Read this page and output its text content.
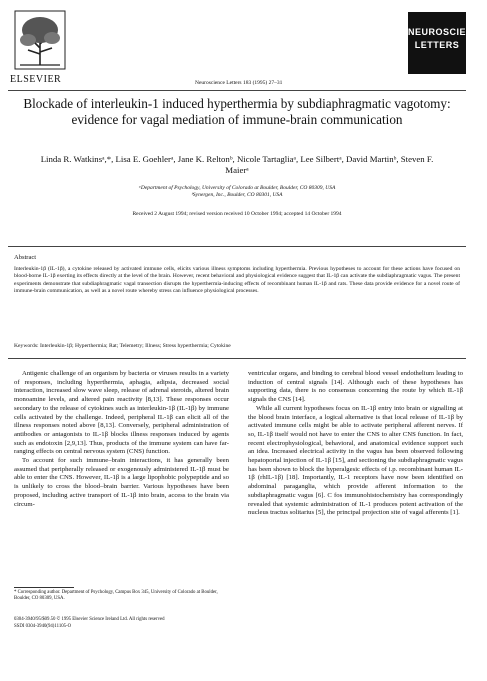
ELSEVIER
NEUROSCIENCE LETTERS
Neuroscience Letters 183 (1995) 27–31
Blockade of interleukin-1 induced hyperthermia by subdiaphragmatic vagotomy: evidence for vagal mediation of immune-brain communication
Linda R. Watkinsᵃ,*, Lisa E. Goehlerᵃ, Jane K. Reltonᵇ, Nicole Tartagliaᵃ, Lee Silbertᵃ, David Martinᵇ, Steven F. Maierᵃ
ᵃDepartment of Psychology, University of Colorado at Boulder, Boulder, CO 80309, USA
ᵇSynergen, Inc., Boulder, CO 80301, USA
Received 2 August 1994; revised version received 10 October 1994; accepted 14 October 1994
Abstract
Interleukin-1β (IL-1β), a cytokine released by activated immune cells, elicits various illness symptoms including hyperthermia. Previous hypotheses to account for these actions have focused on blood-borne IL-1β exerting its effects directly at the level of the brain. However, recent behavioral and physiological evidence suggest that IL-1β can activate the subdiaphragmatic vagus. The present experiments demonstrate that subdiaphragmatic vagal transection disrupts the hyperthermia-inducing effects of recombinant human IL-1β and rats. These data provide evidence for a novel route of immune-brain communication, as well as a novel route whereby stress can influence physiological processes.
Keywords: Interleukin-1β; Hyperthermia; Rat; Telemetry; Illness; Stress hyperthermia; Cytokine

Antigenic challenge of an organism by bacteria or viruses results in a variety of responses, including hyperthermia, aphagia, adipsia, decreased social interaction, increased slow wave sleep, release of adrenal steroids, altered brain monoamine levels, and altered pain reactivity [8,13]. These responses occur secondary to the release of cytokines such as interleukin-1β (IL-1β) by immune cells activated by the challenge. Indeed, peripheral IL-1β can elicit all of the illness responses noted above [8,13]. Conversely, peripheral administration of antibodies or antagonists to IL-1β blocks illness responses induced by agents such as endotoxin [2,9,13]. Thus, products of the immune system can have far-ranging effects on central nervous system (CNS) function.

To account for such immune–brain interactions, it has generally been assumed that peripherally released or exogenously administered IL-1β must be able to enter the CNS. However, IL-1β is a large lipophobic polypeptide and so is unlikely to cross the blood–brain barrier. Various hypotheses have been proposed, including active transport of IL-1β into brain, access to the brain via circum-

* Corresponding author. Department of Psychology, Campus Box 345, University of Colorado at Boulder, Boulder, CO 80309, USA.
0304-3940/95/$09.50 © 1995 Elsevier Science Ireland Ltd. All rights reserved
SSDI 0304-3940(94)11105-O

ventricular organs, and binding to cerebral blood vessel endothelium leading to induction of central signals [14]. Although each of these hypotheses has supporting data, there is no consensus concerning the route by which IL-1β signals the CNS [14].

While all current hypotheses focus on IL-1β entry into brain or signalling at the blood brain interface, a logical alternative is that local release of IL-1β by activated immune cells might be able to activate peripheral afferent nerves. If so, IL-1β itself would not have to enter the CNS to alter CNS function. In fact, recent electrophysiological, behavioral, and anatomical evidence support such an idea. Increased electrical activity in the vagus has been observed following hepatoportal injection of IL-1β [15], and sectioning the subdiaphragmatic vagus has been shown to block the hyperalgesic effects of i.p. recombinant human IL-1β (rhIL-1β) [18]. Importantly, IL-1 receptors have now been identified on abdominal paraganglia, which provide afferent information to the subdiaphragmatic vagus [6]. C fos immunohistochemistry has correspondingly revealed that systemic administration of IL-1 produces potent activation of the nucleus tractus solitarius [5], the principal projection site of vagal afferents [1].
